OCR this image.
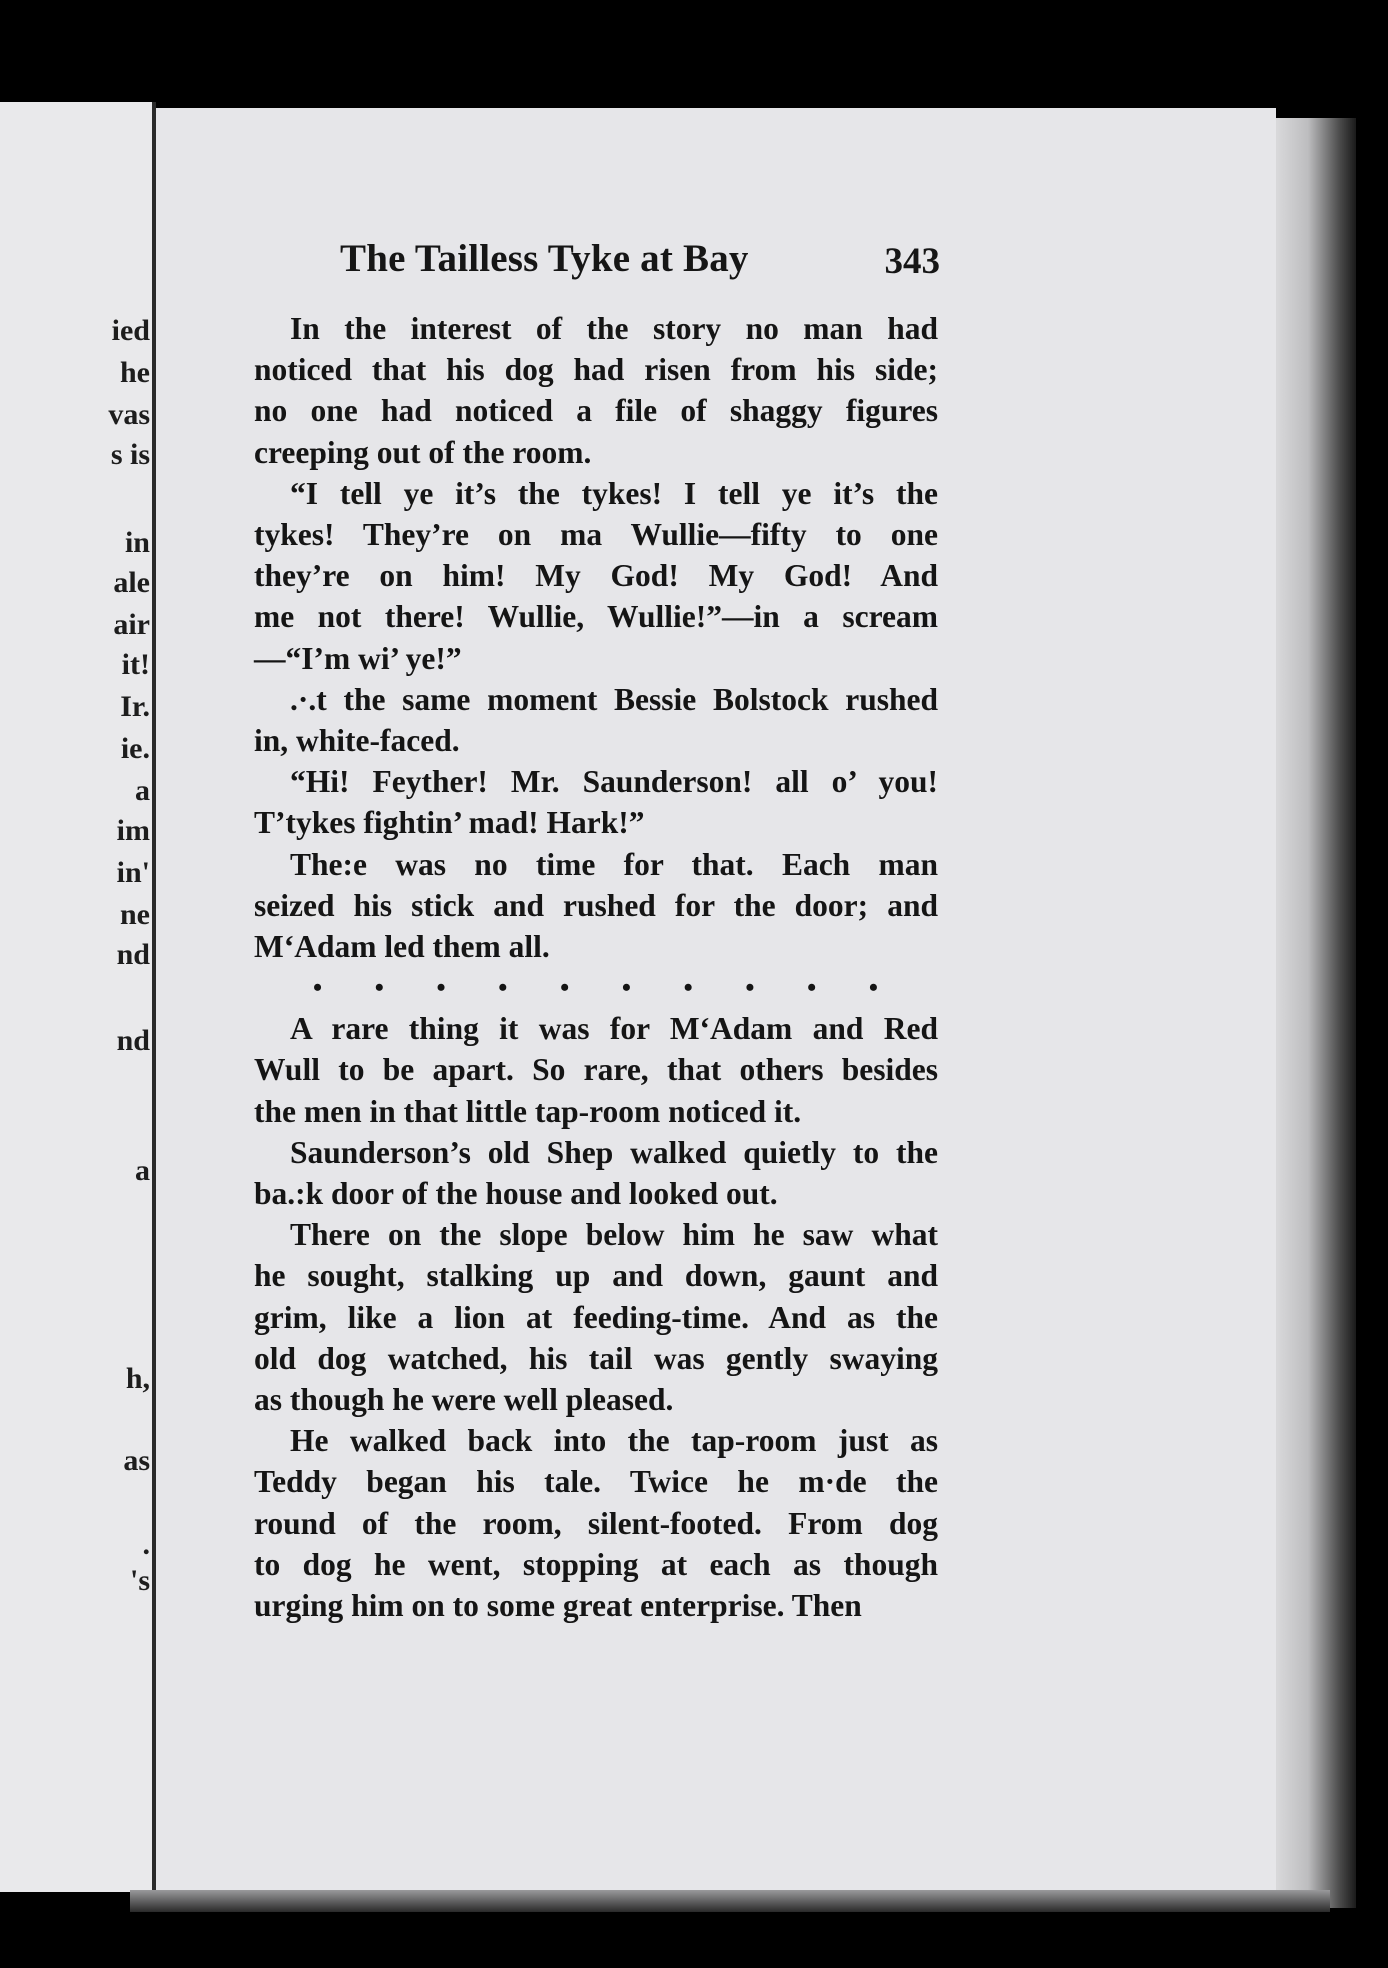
ied
he
vas
s is
in
ale
air
it!
Ir.
ie.
a
im
in'
ne
nd
nd
a
h,
as
.
's
The Tailless Tyke at Bay	343
In the interest of the story no man had
noticed that his dog had risen from his side;
no one had noticed a file of shaggy figures
creeping out of the room.
“I tell ye it’s the tykes! I tell ye it’s the
tykes! They’re on ma Wullie—fifty to one
they’re on him! My God! My God! And
me not there! Wullie, Wullie!”—in a scream
—“I’m wi’ ye!”
.·.t the same moment Bessie Bolstock rushed
in, white-faced.
“Hi! Feyther! Mr. Saunderson! all o’ you!
T’tykes fightin’ mad! Hark!”
The:e was no time for that. Each man
seized his stick and rushed for the door; and
M‘Adam led them all.
• • • • • • • • • •
A rare thing it was for M‘Adam and Red
Wull to be apart. So rare, that others besides
the men in that little tap-room noticed it.
Saunderson’s old Shep walked quietly to the
ba.:k door of the house and looked out.
There on the slope below him he saw what
he sought, stalking up and down, gaunt and
grim, like a lion at feeding-time. And as the
old dog watched, his tail was gently swaying
as though he were well pleased.
He walked back into the tap-room just as
Teddy began his tale. Twice he m·de the
round of the room, silent-footed. From dog
to dog he went, stopping at each as though
urging him on to some great enterprise. Then
